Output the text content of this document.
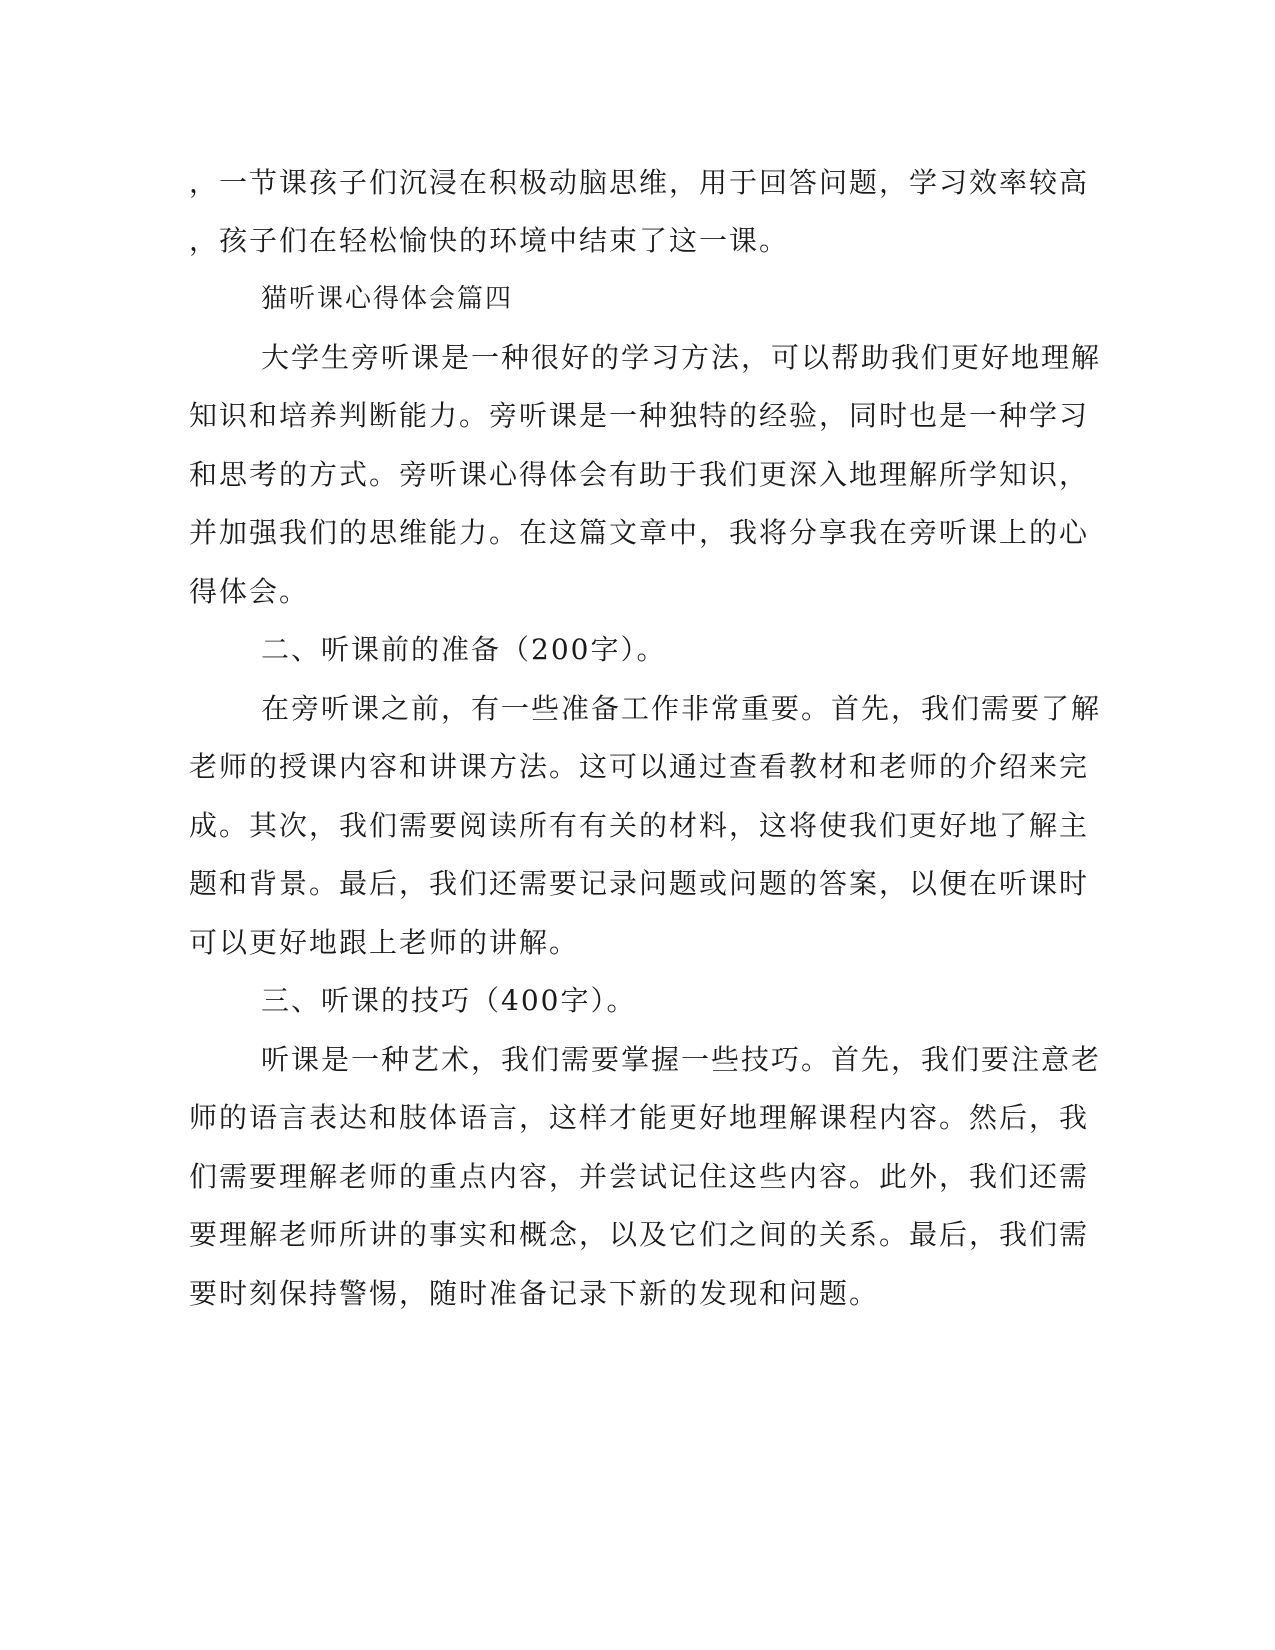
，一节课孩子们沉浸在积极动脑思维，用于回答问题，学习效率较高
，孩子们在轻松愉快的环境中结束了这一课。
猫听课心得体会篇四
大学生旁听课是一种很好的学习方法，可以帮助我们更好地理解
知识和培养判断能力。旁听课是一种独特的经验，同时也是一种学习
和思考的方式。旁听课心得体会有助于我们更深入地理解所学知识，
并加强我们的思维能力。在这篇文章中，我将分享我在旁听课上的心
得体会。
二、听课前的准备（200字）。
在旁听课之前，有一些准备工作非常重要。首先，我们需要了解
老师的授课内容和讲课方法。这可以通过查看教材和老师的介绍来完
成。其次，我们需要阅读所有有关的材料，这将使我们更好地了解主
题和背景。最后，我们还需要记录问题或问题的答案，以便在听课时
可以更好地跟上老师的讲解。
三、听课的技巧（400字）。
听课是一种艺术，我们需要掌握一些技巧。首先，我们要注意老
师的语言表达和肢体语言，这样才能更好地理解课程内容。然后，我
们需要理解老师的重点内容，并尝试记住这些内容。此外，我们还需
要理解老师所讲的事实和概念，以及它们之间的关系。最后，我们需
要时刻保持警惕，随时准备记录下新的发现和问题。
